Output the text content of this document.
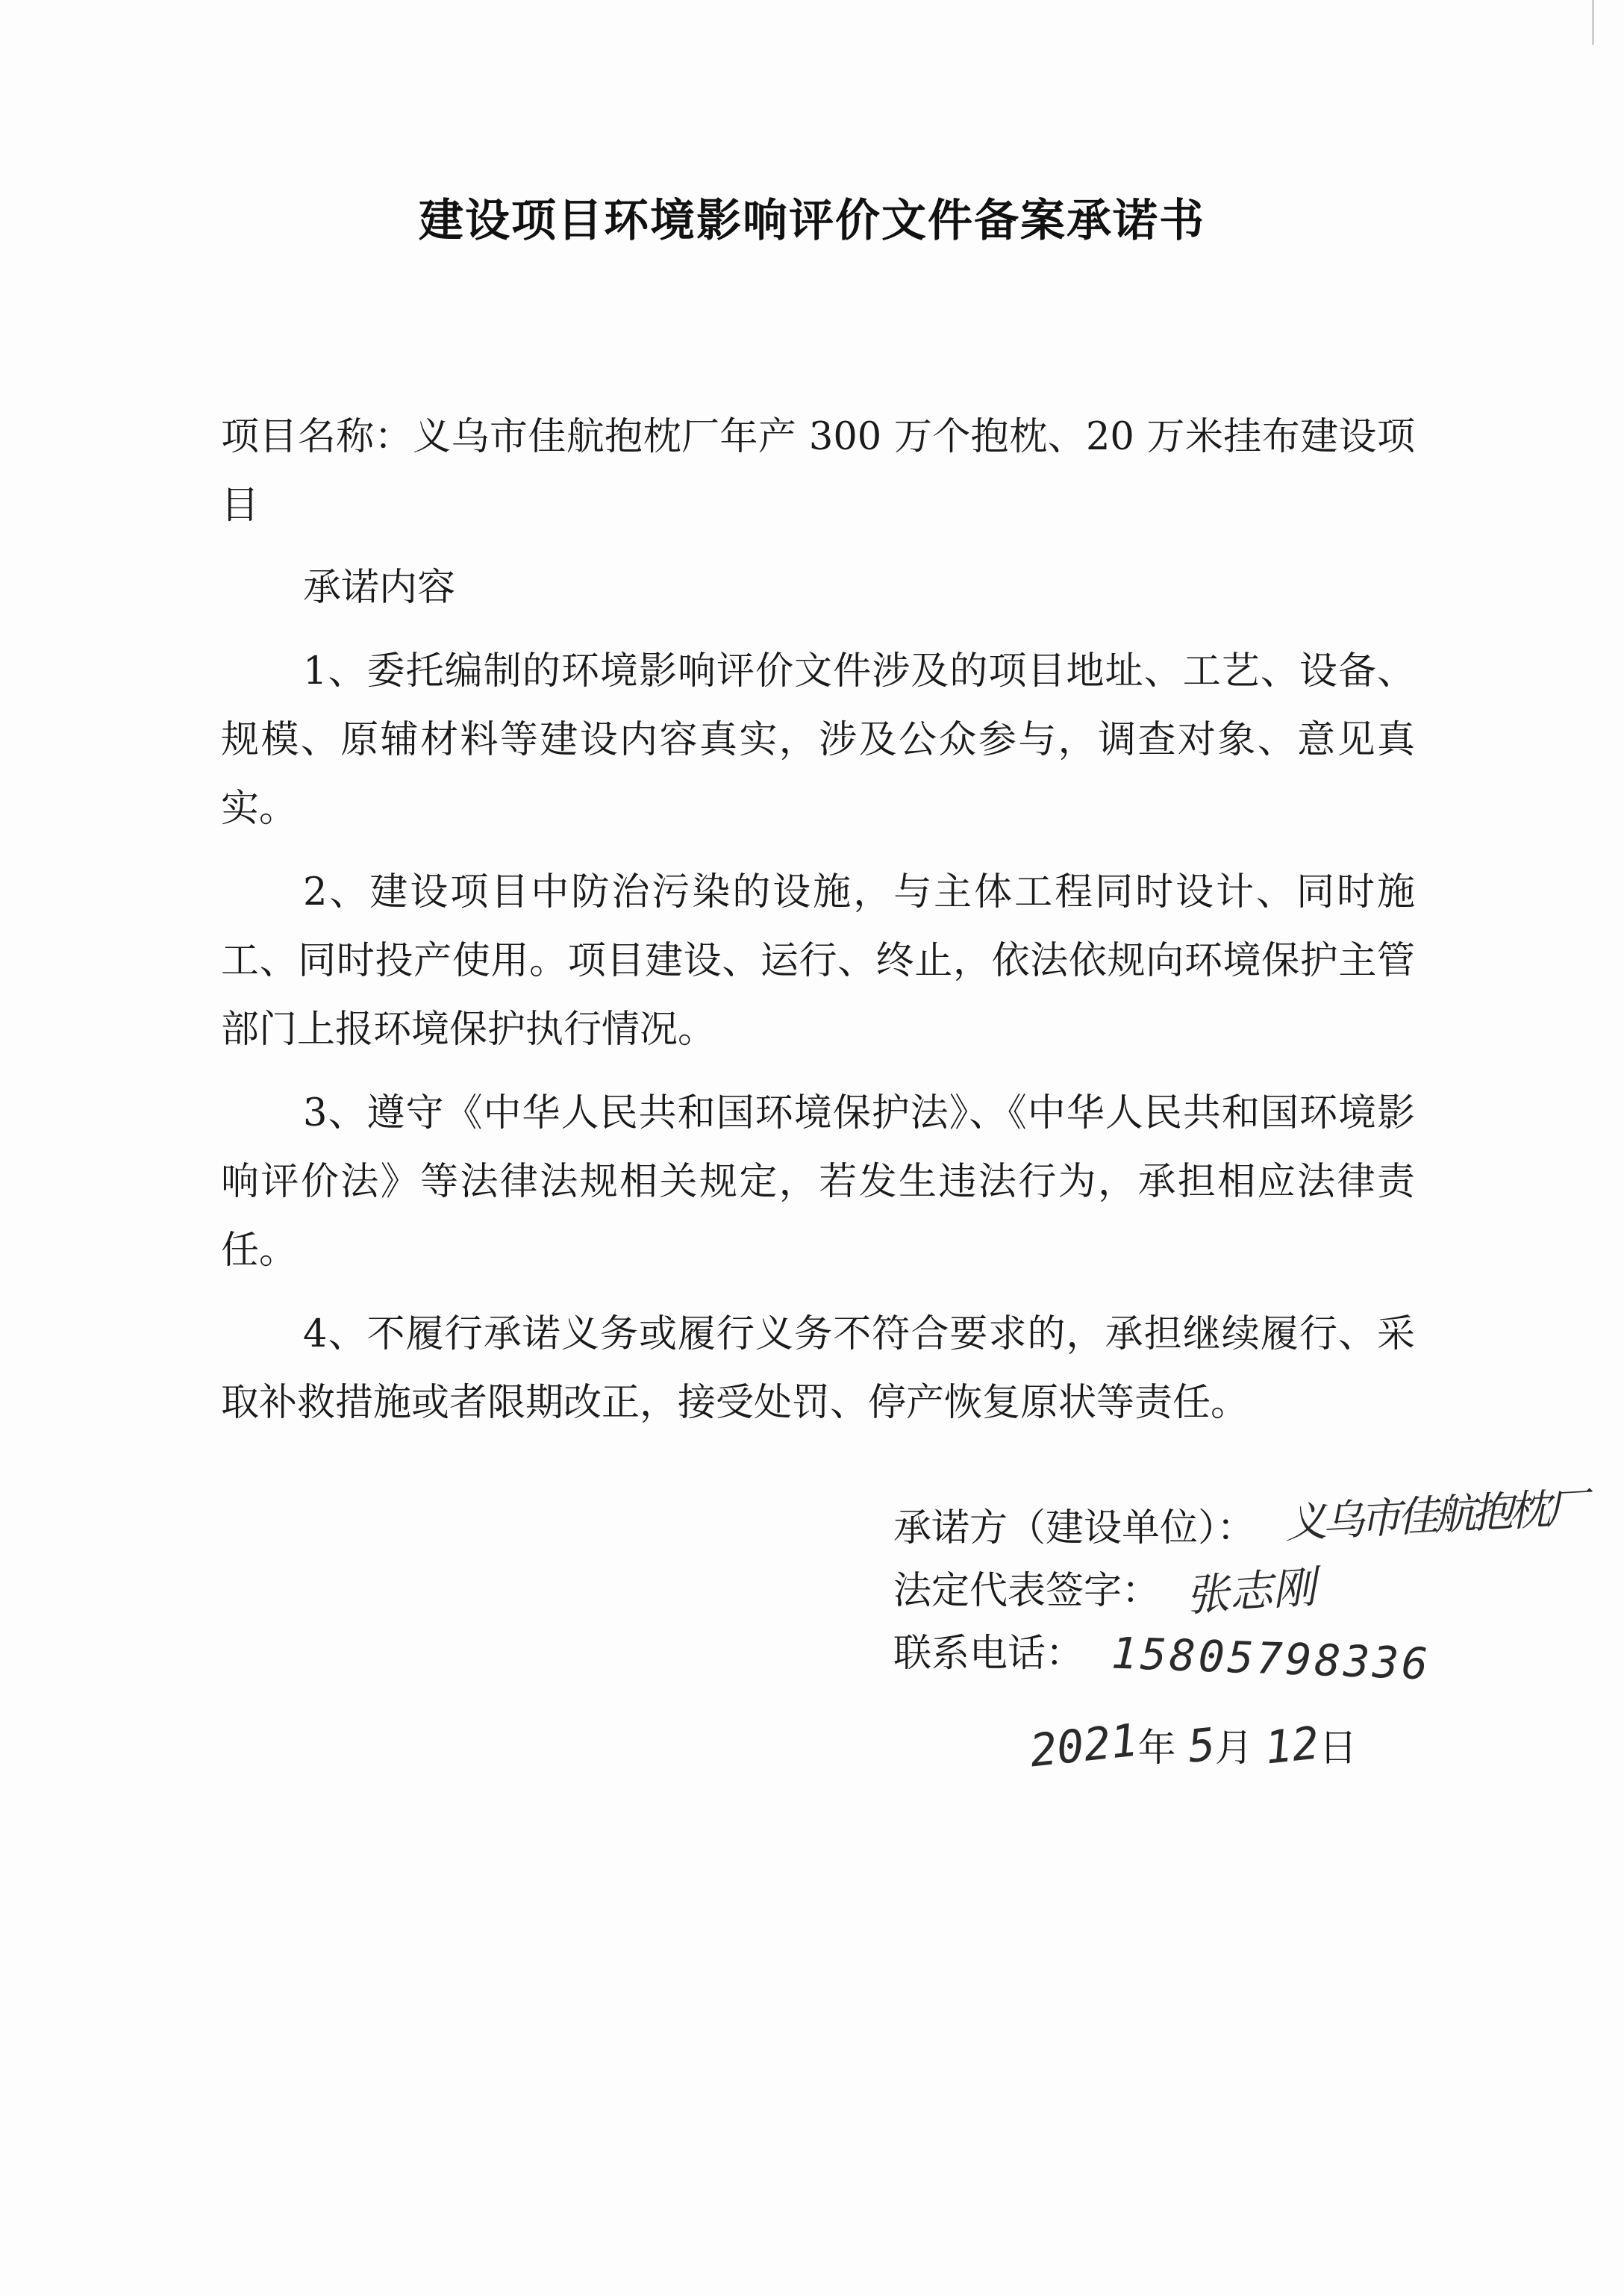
建设项目环境影响评价文件备案承诺书

项目名称：义乌市佳航抱枕厂年产 300 万个抱枕、20 万米挂布建设项目

承诺内容

1、委托编制的环境影响评价文件涉及的项目地址、工艺、设备、规模、原辅材料等建设内容真实，涉及公众参与，调查对象、意见真实。

2、建设项目中防治污染的设施，与主体工程同时设计、同时施工、同时投产使用。项目建设、运行、终止，依法依规向环境保护主管部门上报环境保护执行情况。

3、遵守《中华人民共和国环境保护法》、《中华人民共和国环境影响评价法》等法律法规相关规定，若发生违法行为，承担相应法律责任。

4、不履行承诺义务或履行义务不符合要求的，承担继续履行、采取补救措施或者限期改正，接受处罚、停产恢复原状等责任。

承诺方（建设单位）： 义乌市佳航抱枕厂
法定代表签字： 张志刚
联系电话： 15805798336
2021年 5月 12日
